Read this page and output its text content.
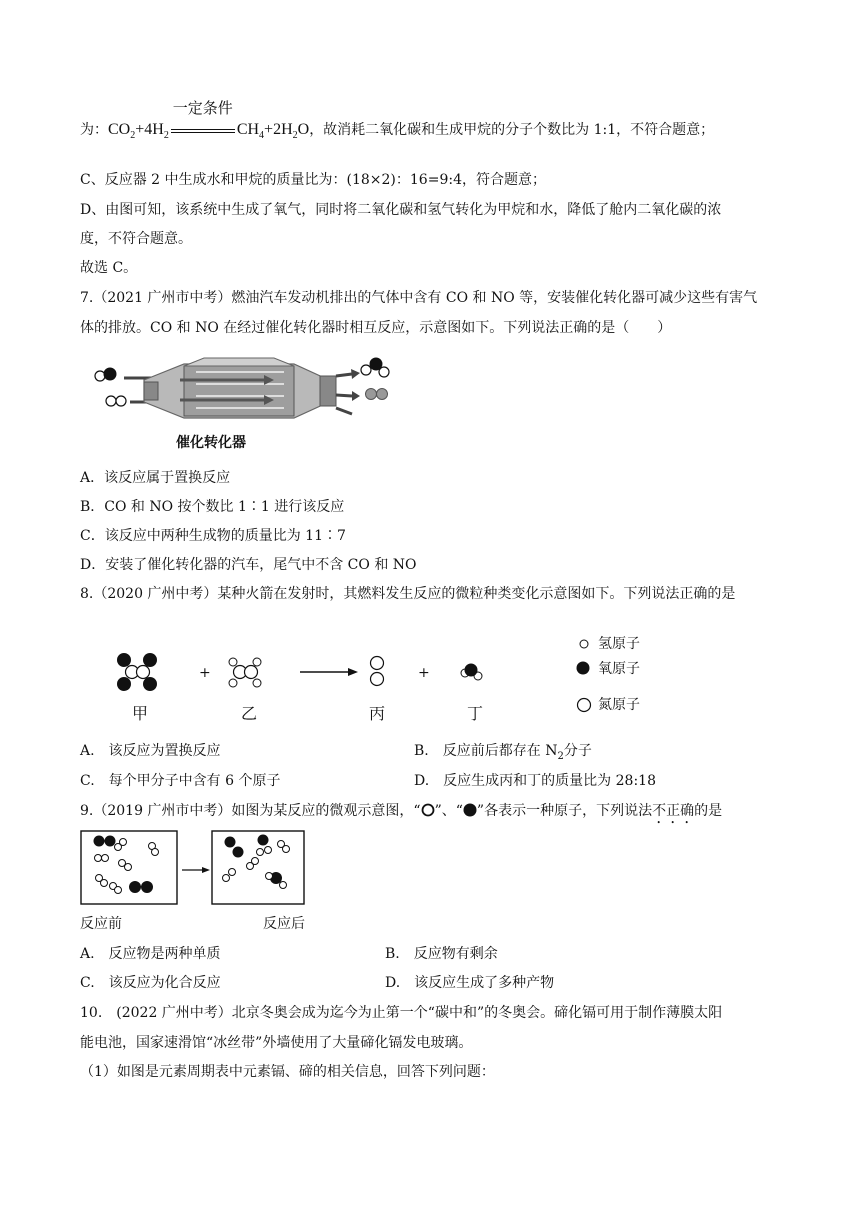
为：$CO_2+4H_2$
一定条件
$CH_4+2H_2O$，故消耗二氧化碳和生成甲烷的分子个数比为 1:1，不符合题意；
C、反应器 2 中生成水和甲烷的质量比为：(18×2)：16=9:4，符合题意；
D、由图可知，该系统中生成了氧气，同时将二氧化碳和氢气转化为甲烷和水，降低了舱内二氧化碳的浓
度，不符合题意。
故选 C。
7.（2021 广州市中考）燃油汽车发动机排出的气体中含有 CO 和 NO 等，安装催化转化器可减少这些有害气
体的排放。CO 和 NO 在经过催化转化器时相互反应，示意图如下。下列说法正确的是（　　）
催化转化器
A．该反应属于置换反应
B．CO 和 NO 按个数比 1∶1 进行该反应
C．该反应中两种生成物的质量比为 11∶7
D．安装了催化转化器的汽车，尾气中不含 CO 和 NO
8.（2020 广州中考）某种火箭在发射时，其燃料发生反应的微粒种类变化示意图如下。下列说法正确的是
+	+
甲	乙	丙	丁
氢原子
氧原子
氮原子
A.　该反应为置换反应	B.　反应前后都存在 $N_2$分子
C.　每个甲分子中含有 6 个原子	D.　反应生成丙和丁的质量比为 28:18
9.（2019 广州市中考）如图为某反应的微观示意图，“ ”、“ ”各表示一种原子，下列说法不正确的是
反应前	反应后
A.　反应物是两种单质	B.　反应物有剩余
C.　该反应为化合反应	D.　该反应生成了多种产物
10.　(2022 广州中考）北京冬奥会成为迄今为止第一个“碳中和”的冬奥会。碲化镉可用于制作薄膜太阳
能电池，国家速滑馆“冰丝带”外墙使用了大量碲化镉发电玻璃。
（1）如图是元素周期表中元素镉、碲的相关信息，回答下列问题：
